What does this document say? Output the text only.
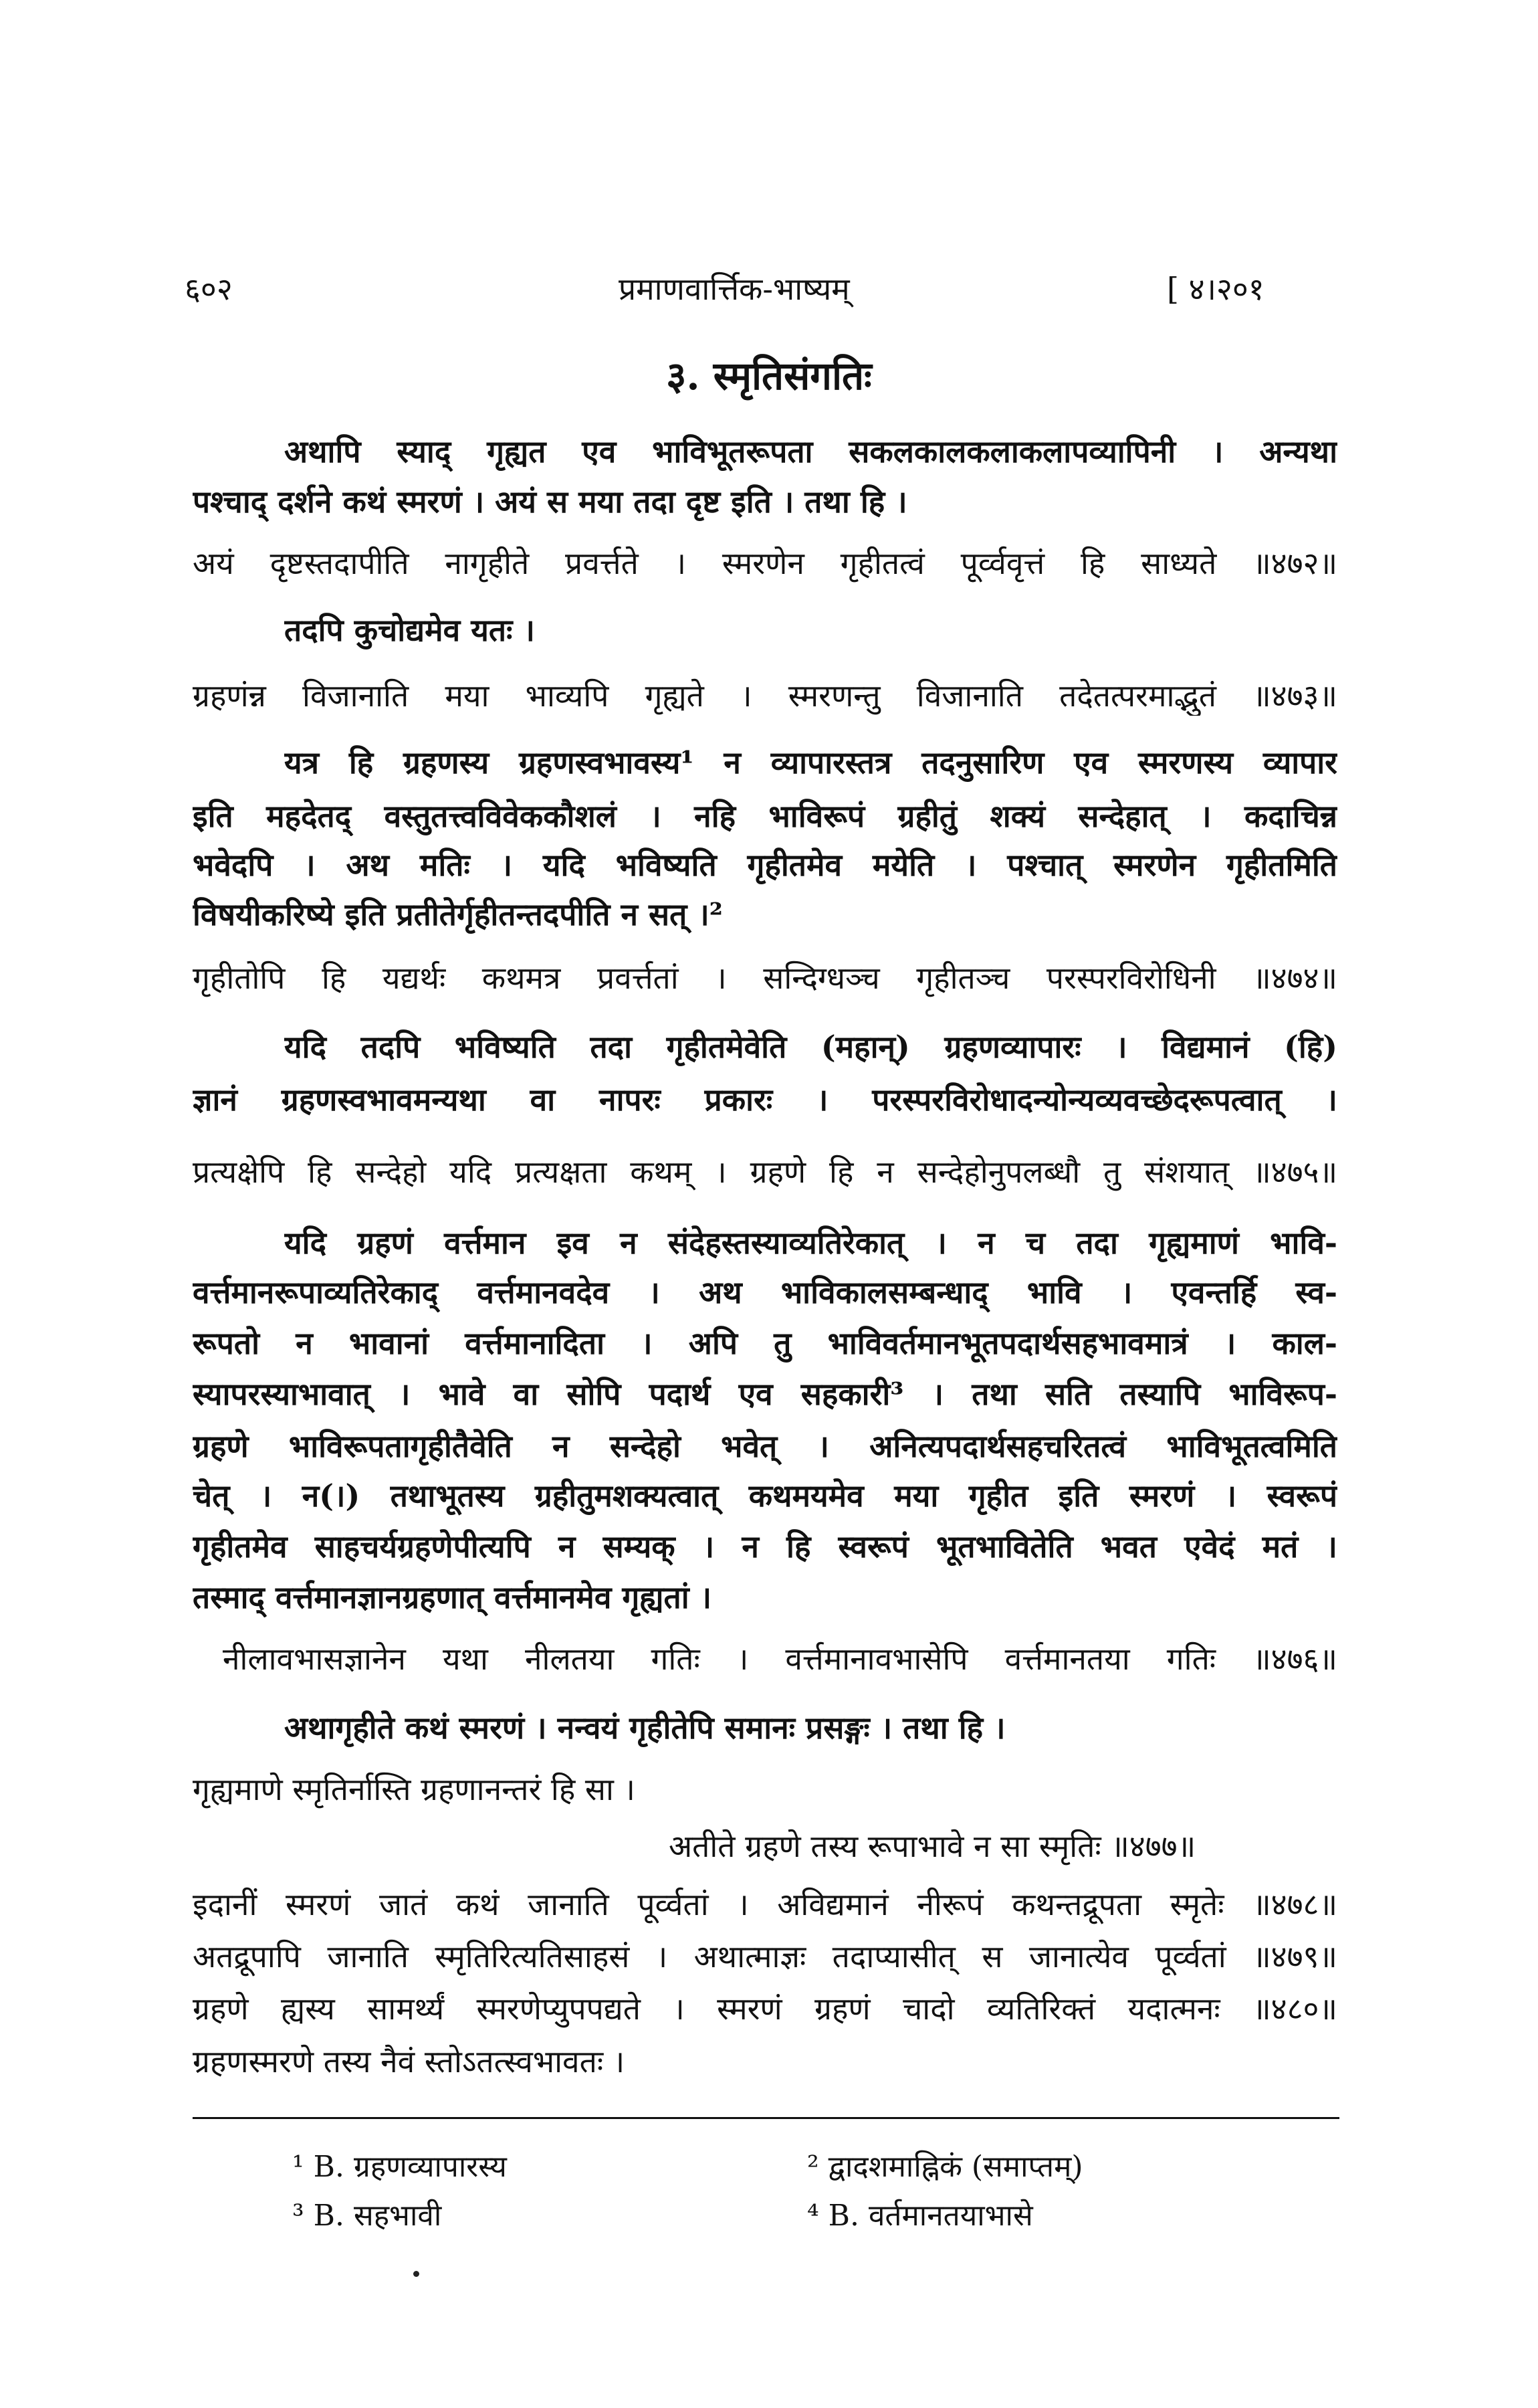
६०२	प्रमाणवार्त्तिक-भाष्यम्	[ ४।२०१
३. स्मृतिसंगतिः
अथापि स्याद् गृह्यत एव भाविभूतरूपता सकलकालकलाकलापव्यापिनी । अन्यथा
पश्चाद् दर्शने कथं स्मरणं । अयं स मया तदा दृष्ट इति । तथा हि ।
अयं दृष्टस्तदापीति नागृहीते प्रवर्त्तते । स्मरणेन गृहीतत्वं पूर्व्ववृत्तं हि साध्यते ॥४७२॥
तदपि कुचोद्यमेव यतः ।
ग्रहणंन्न विजानाति मया भाव्यपि गृह्यते । स्मरणन्तु विजानाति तदेतत्परमाद्भुतं ॥४७३॥
यत्र हि ग्रहणस्य ग्रहणस्वभावस्य¹ न व्यापारस्तत्र तदनुसारिण एव स्मरणस्य व्यापार
इति महदेतद् वस्तुतत्त्वविवेककौशलं । नहि भाविरूपं ग्रहीतुं शक्यं सन्देहात् । कदाचिन्न
भवेदपि । अथ मतिः । यदि भविष्यति गृहीतमेव मयेति । पश्चात् स्मरणेन गृहीतमिति
विषयीकरिष्ये इति प्रतीतेर्गृहीतन्तदपीति न सत् ।²
गृहीतोपि हि यद्यर्थः कथमत्र प्रवर्त्ततां । सन्दिग्धञ्च गृहीतञ्च परस्परविरोधिनी ॥४७४॥
यदि तदपि भविष्यति तदा गृहीतमेवेति (महान्) ग्रहणव्यापारः । विद्यमानं (हि)
ज्ञानं ग्रहणस्वभावमन्यथा वा नापरः प्रकारः । परस्परविरोधादन्योन्यव्यवच्छेदरूपत्वात् ।
प्रत्यक्षेपि हि सन्देहो यदि प्रत्यक्षता कथम् । ग्रहणे हि न सन्देहोनुपलब्धौ तु संशयात् ॥४७५॥
यदि ग्रहणं वर्त्तमान इव न संदेहस्तस्याव्यतिरेकात् । न च तदा गृह्यमाणं भावि-
वर्त्तमानरूपाव्यतिरेकाद् वर्त्तमानवदेव । अथ भाविकालसम्बन्धाद् भावि । एवन्तर्हि स्व-
रूपतो न भावानां वर्त्तमानादिता । अपि तु भाविवर्तमानभूतपदार्थसहभावमात्रं । काल-
स्यापरस्याभावात् । भावे वा सोपि पदार्थ एव सहकारी³ । तथा सति तस्यापि भाविरूप-
ग्रहणे भाविरूपतागृहीतैवेति न सन्देहो भवेत् । अनित्यपदार्थसहचरितत्वं भाविभूतत्वमिति
चेत् । न(।) तथाभूतस्य ग्रहीतुमशक्यत्वात् कथमयमेव मया गृहीत इति स्मरणं । स्वरूपं
गृहीतमेव साहचर्यग्रहणेपीत्यपि न सम्यक् । न हि स्वरूपं भूतभावितेति भवत एवेदं मतं ।
तस्माद् वर्त्तमानज्ञानग्रहणात् वर्त्तमानमेव गृह्यतां ।
नीलावभासज्ञानेन यथा नीलतया गतिः । वर्त्तमानावभासेपि वर्त्तमानतया गतिः ॥४७६॥
अथागृहीते कथं स्मरणं । नन्वयं गृहीतेपि समानः प्रसङ्गः । तथा हि ।
गृह्यमाणे स्मृतिर्नास्ति ग्रहणानन्तरं हि सा ।
अतीते ग्रहणे तस्य रूपाभावे न सा स्मृतिः ॥४७७॥
इदानीं स्मरणं जातं कथं जानाति पूर्व्वतां । अविद्यमानं नीरूपं कथन्तद्रूपता स्मृतेः ॥४७८॥
अतद्रूपापि जानाति स्मृतिरित्यतिसाहसं । अथात्माज्ञः तदाप्यासीत् स जानात्येव पूर्व्वतां ॥४७९॥
ग्रहणे ह्यस्य सामर्थ्यं स्मरणेप्युपपद्यते । स्मरणं ग्रहणं चादो व्यतिरिक्तं यदात्मनः ॥४८०॥
ग्रहणस्मरणे तस्य नैवं स्तोऽतत्स्वभावतः ।
¹ B. ग्रहणव्यापारस्य	² द्वादशमाह्निकं (समाप्तम्)
³ B. सहभावी	⁴ B. वर्तमानतयाभासे
